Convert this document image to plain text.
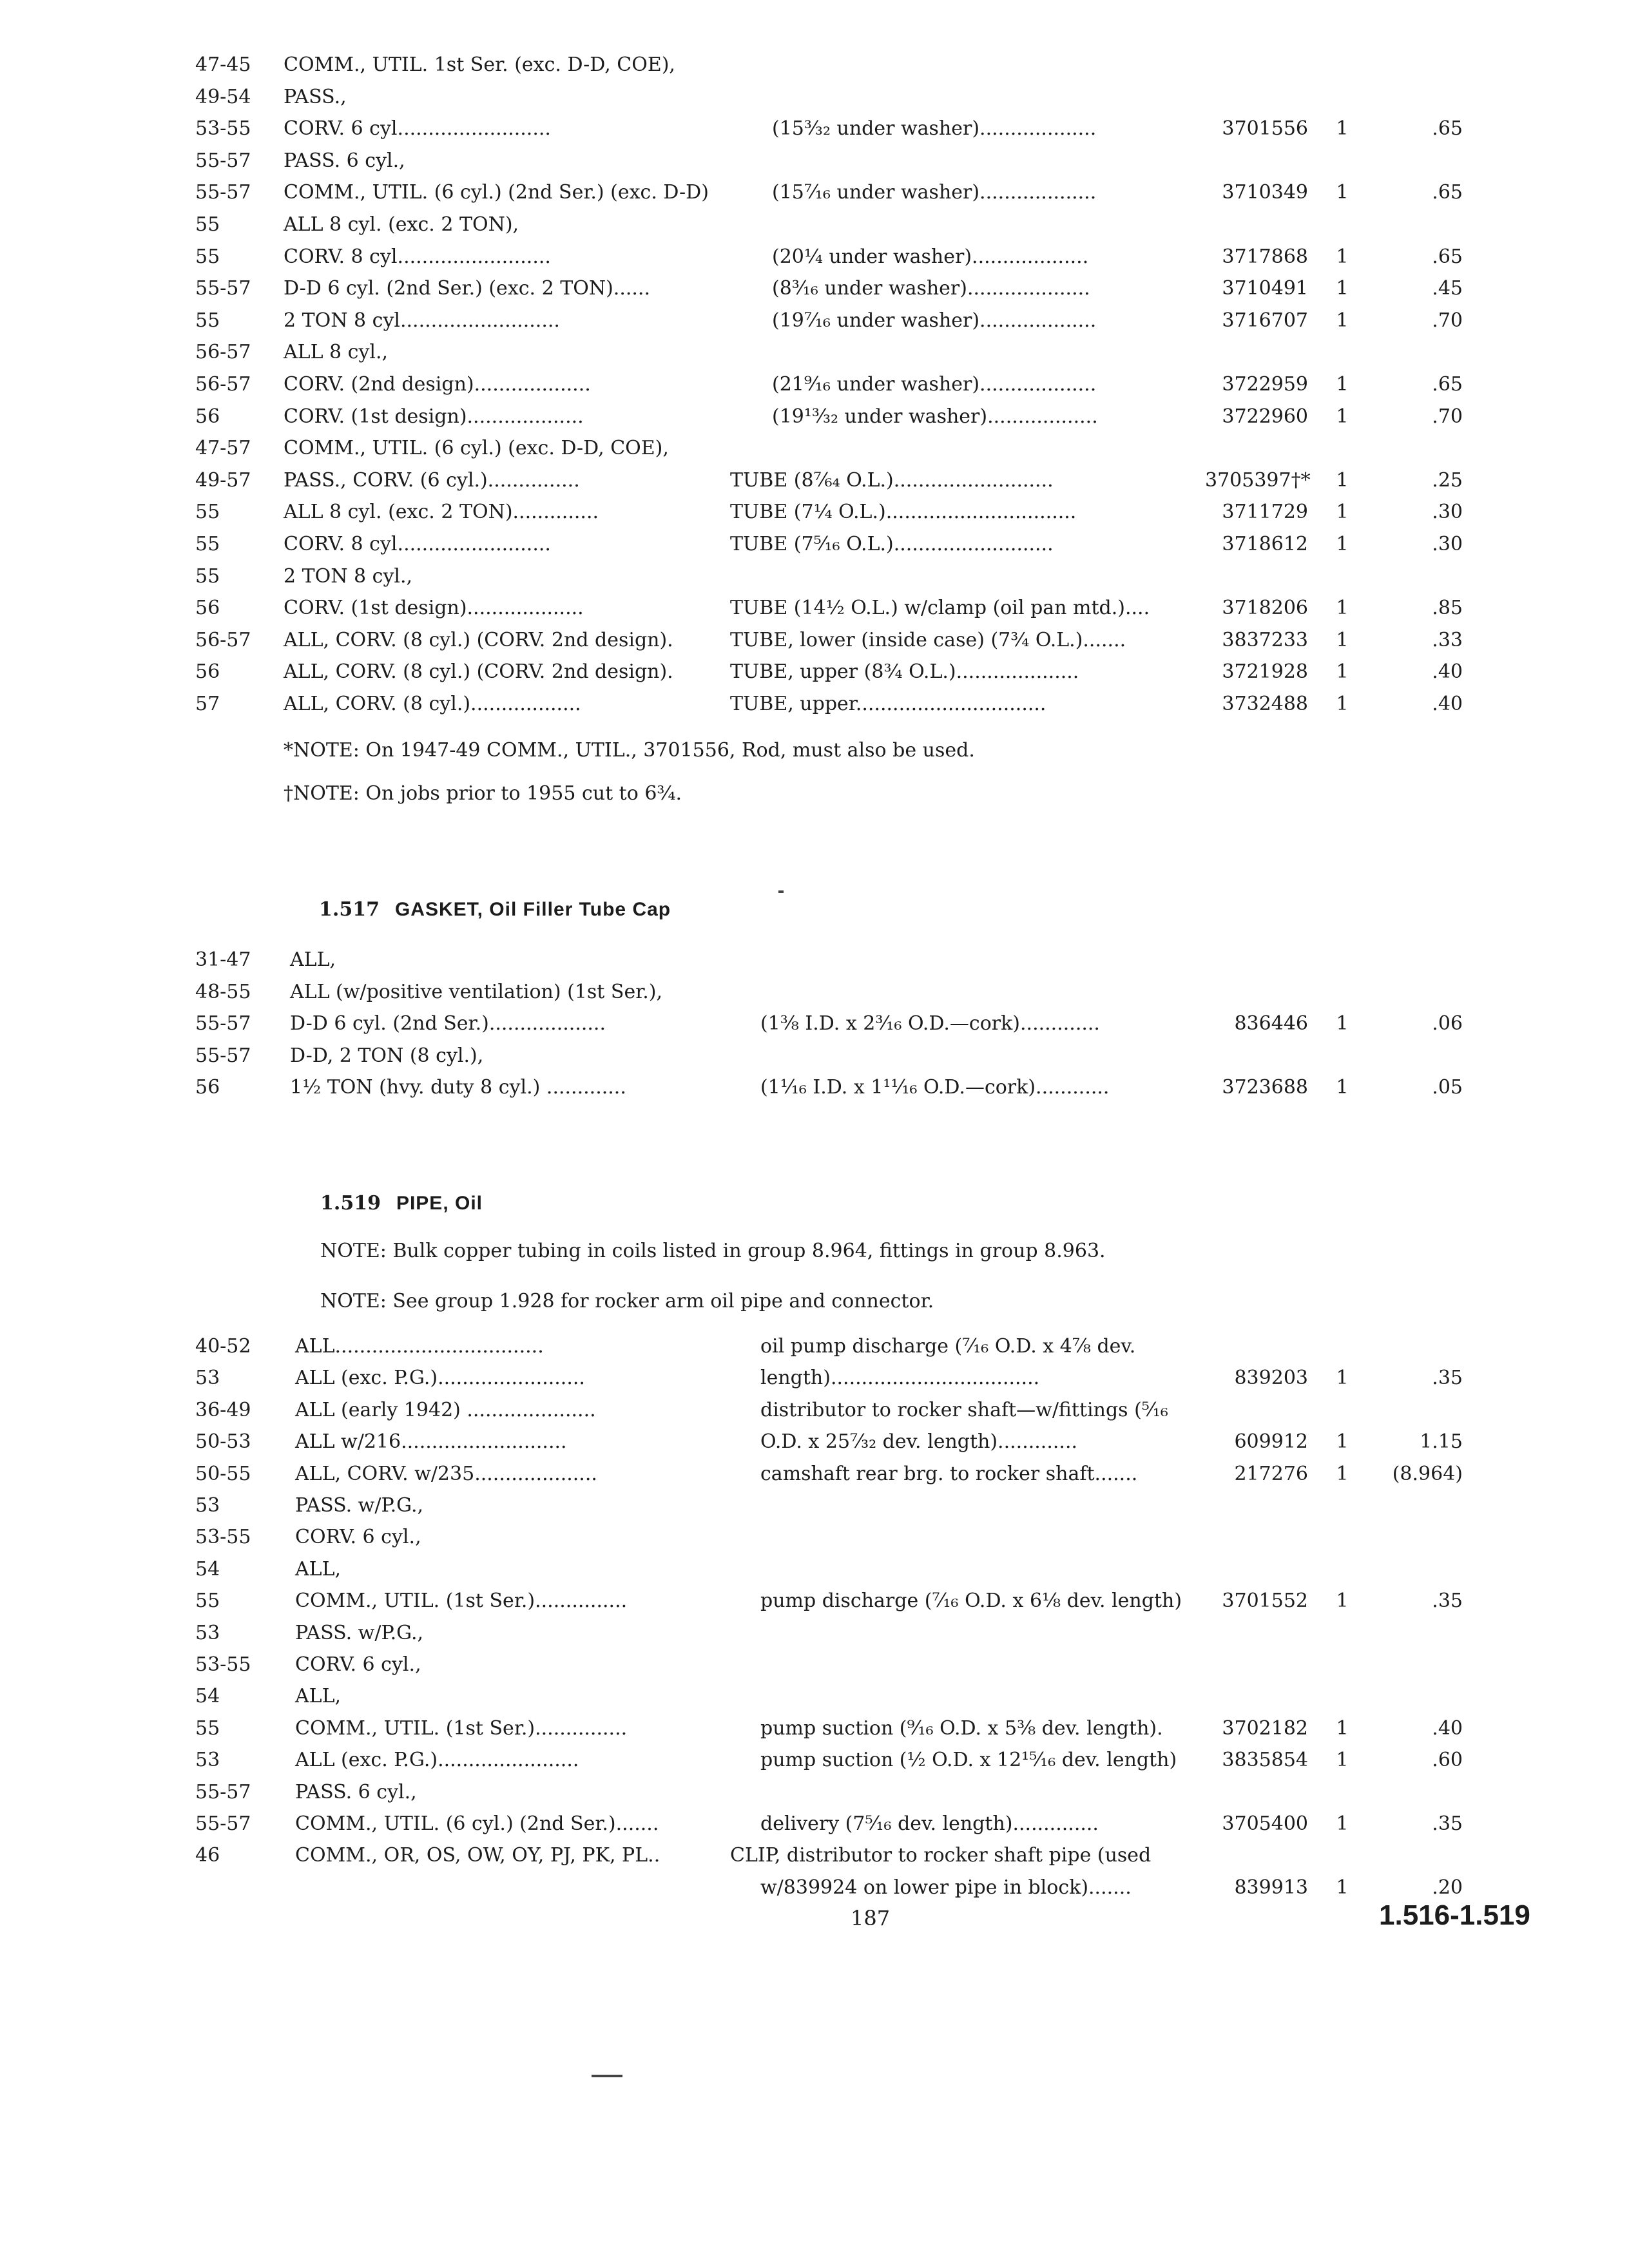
47-45 COMM., UTIL. 1st Ser. (exc. D-D, COE),
49-54 PASS.,
53-55 CORV. 6 cyl.........................	(15³⁄₃₂ under washer)...................	3701556 1	.65
55-57 PASS. 6 cyl.,
55-57 COMM., UTIL. (6 cyl.) (2nd Ser.) (exc. D-D)	(15⁷⁄₁₆ under washer)...................	3710349 1	.65
55	ALL 8 cyl. (exc. 2 TON),
55	CORV. 8 cyl.........................	(20¼ under washer)...................	3717868 1	.65
55-57 D-D 6 cyl. (2nd Ser.) (exc. 2 TON)......	(8³⁄₁₆ under washer)....................	3710491 1	.45
55	2 TON 8 cyl..........................	(19⁷⁄₁₆ under washer)...................	3716707 1	.70
56-57 ALL 8 cyl.,
56-57 CORV. (2nd design)...................	(21⁹⁄₁₆ under washer)...................	3722959 1	.65
56	CORV. (1st design)...................	(19¹³⁄₃₂ under washer)..................	3722960 1	.70
47-57 COMM., UTIL. (6 cyl.) (exc. D-D, COE),
49-57 PASS., CORV. (6 cyl.)...............	TUBE (8⁷⁄₆₄ O.L.)..........................	3705397†* 1	.25
55	ALL 8 cyl. (exc. 2 TON)..............	TUBE (7¼ O.L.)...............................	3711729 1	.30
55	CORV. 8 cyl.........................	TUBE (7⁵⁄₁₆ O.L.)..........................	3718612 1	.30
55	2 TON 8 cyl.,
56	CORV. (1st design)...................	TUBE (14½ O.L.) w/clamp (oil pan mtd.)....	3718206 1	.85
56-57 ALL, CORV. (8 cyl.) (CORV. 2nd design).	TUBE, lower (inside case) (7¾ O.L.).......	3837233 1	.33
56	ALL, CORV. (8 cyl.) (CORV. 2nd design).	TUBE, upper (8¾ O.L.)....................	3721928 1	.40
57	ALL, CORV. (8 cyl.)..................	TUBE, upper...............................	3732488 1	.40
*NOTE: On 1947-49 COMM., UTIL., 3701556, Rod, must also be used.
†NOTE: On jobs prior to 1955 cut to 6¾.
1.517 GASKET, Oil Filler Tube Cap
31-47 ALL,
48-55 ALL (w/positive ventilation) (1st Ser.),
55-57 D-D 6 cyl. (2nd Ser.)...................	(1⅜ I.D. x 2³⁄₁₆ O.D.—cork).............	836446 1	.06
55-57 D-D, 2 TON (8 cyl.),
56	1½ TON (hvy. duty 8 cyl.) .............	(1¹⁄₁₆ I.D. x 1¹¹⁄₁₆ O.D.—cork)............	3723688 1	.05
1.519 PIPE, Oil
NOTE: Bulk copper tubing in coils listed in group 8.964, fittings in group 8.963.
NOTE: See group 1.928 for rocker arm oil pipe and connector.
40-52 ALL..................................	oil pump discharge (⁷⁄₁₆ O.D. x 4⅞ dev.
53	ALL (exc. P.G.)........................	length)..................................	839203 1	.35
36-49 ALL (early 1942) .....................	distributor to rocker shaft—w/fittings (⁵⁄₁₆
50-53 ALL w/216...........................	O.D. x 25⁷⁄₃₂ dev. length).............	609912 1	1.15
50-55 ALL, CORV. w/235....................	camshaft rear brg. to rocker shaft.......	217276 1	(8.964)
53	PASS. w/P.G.,
53-55 CORV. 6 cyl.,
54	ALL,
55	COMM., UTIL. (1st Ser.)...............	pump discharge (⁷⁄₁₆ O.D. x 6⅛ dev. length)	3701552 1	.35
53	PASS. w/P.G.,
53-55 CORV. 6 cyl.,
54	ALL,
55	COMM., UTIL. (1st Ser.)...............	pump suction (⁹⁄₁₆ O.D. x 5⅜ dev. length).	3702182 1	.40
53	ALL (exc. P.G.).......................	pump suction (½ O.D. x 12¹⁵⁄₁₆ dev. length)	3835854 1	.60
55-57 PASS. 6 cyl.,
55-57 COMM., UTIL. (6 cyl.) (2nd Ser.).......	delivery (7⁵⁄₁₆ dev. length)..............	3705400 1	.35
46	COMM., OR, OS, OW, OY, PJ, PK, PL..	CLIP, distributor to rocker shaft pipe (used
w/839924 on lower pipe in block).......	839913 1	.20
187	1.516-1.519
